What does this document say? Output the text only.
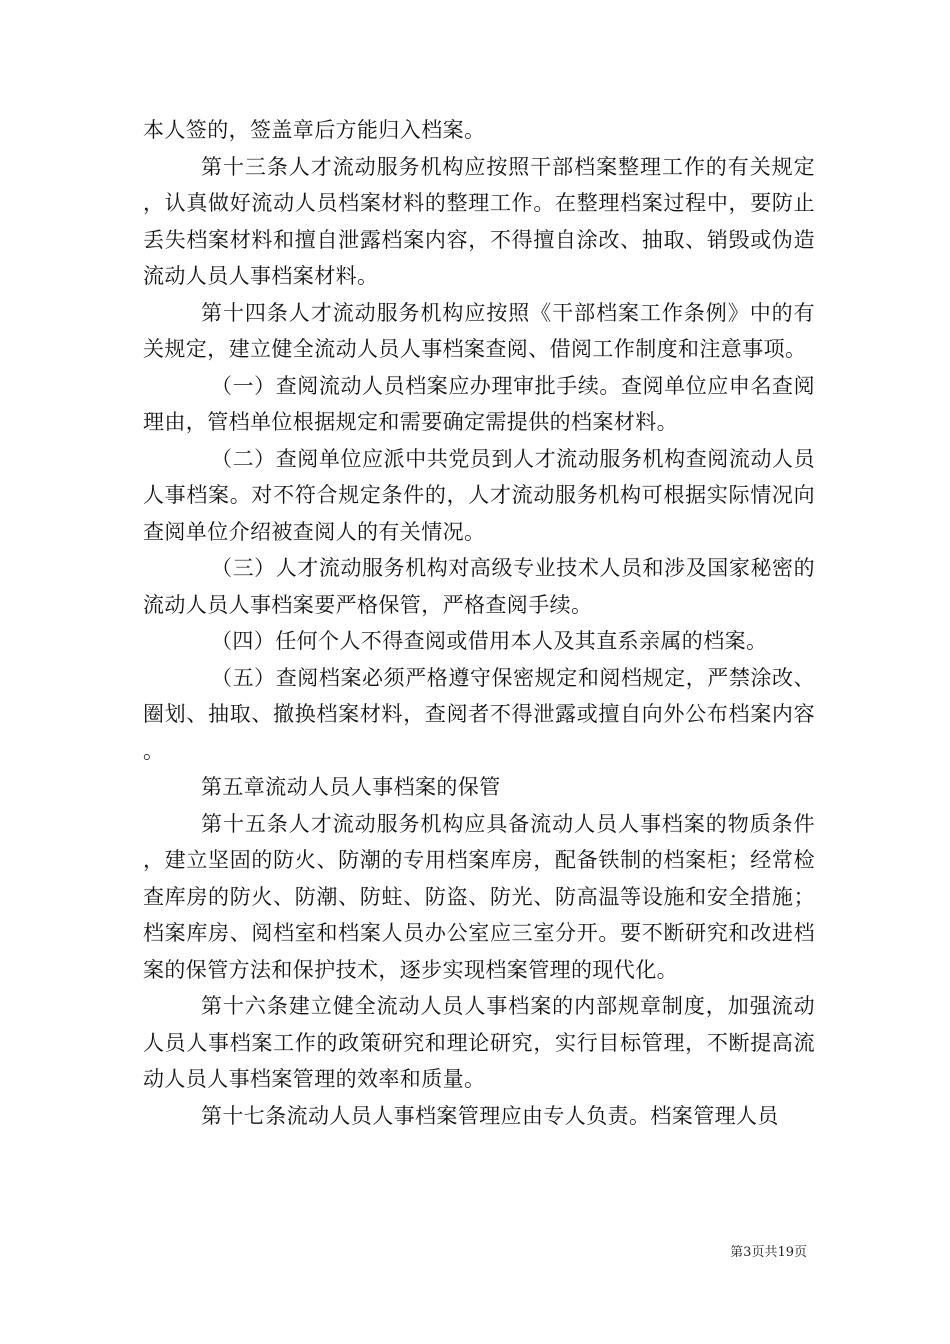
本人签的，签盖章后方能归入档案。

第十三条人才流动服务机构应按照干部档案整理工作的有关规定，认真做好流动人员档案材料的整理工作。在整理档案过程中，要防止丢失档案材料和擅自泄露档案内容，不得擅自涂改、抽取、销毁或伪造流动人员人事档案材料。

第十四条人才流动服务机构应按照《干部档案工作条例》中的有关规定，建立健全流动人员人事档案查阅、借阅工作制度和注意事项。

（一）查阅流动人员档案应办理审批手续。查阅单位应申名查阅理由，管档单位根据规定和需要确定需提供的档案材料。

（二）查阅单位应派中共党员到人才流动服务机构查阅流动人员人事档案。对不符合规定条件的，人才流动服务机构可根据实际情况向查阅单位介绍被查阅人的有关情况。

（三）人才流动服务机构对高级专业技术人员和涉及国家秘密的流动人员人事档案要严格保管，严格查阅手续。

（四）任何个人不得查阅或借用本人及其直系亲属的档案。

（五）查阅档案必须严格遵守保密规定和阅档规定，严禁涂改、圈划、抽取、撤换档案材料，查阅者不得泄露或擅自向外公布档案内容。

第五章流动人员人事档案的保管

第十五条人才流动服务机构应具备流动人员人事档案的物质条件，建立坚固的防火、防潮的专用档案库房，配备铁制的档案柜；经常检查库房的防火、防潮、防蛀、防盗、防光、防高温等设施和安全措施；档案库房、阅档室和档案人员办公室应三室分开。要不断研究和改进档案的保管方法和保护技术，逐步实现档案管理的现代化。

第十六条建立健全流动人员人事档案的内部规章制度，加强流动人员人事档案工作的政策研究和理论研究，实行目标管理，不断提高流动人员人事档案管理的效率和质量。

第十七条流动人员人事档案管理应由专人负责。档案管理人员

第3页共19页
